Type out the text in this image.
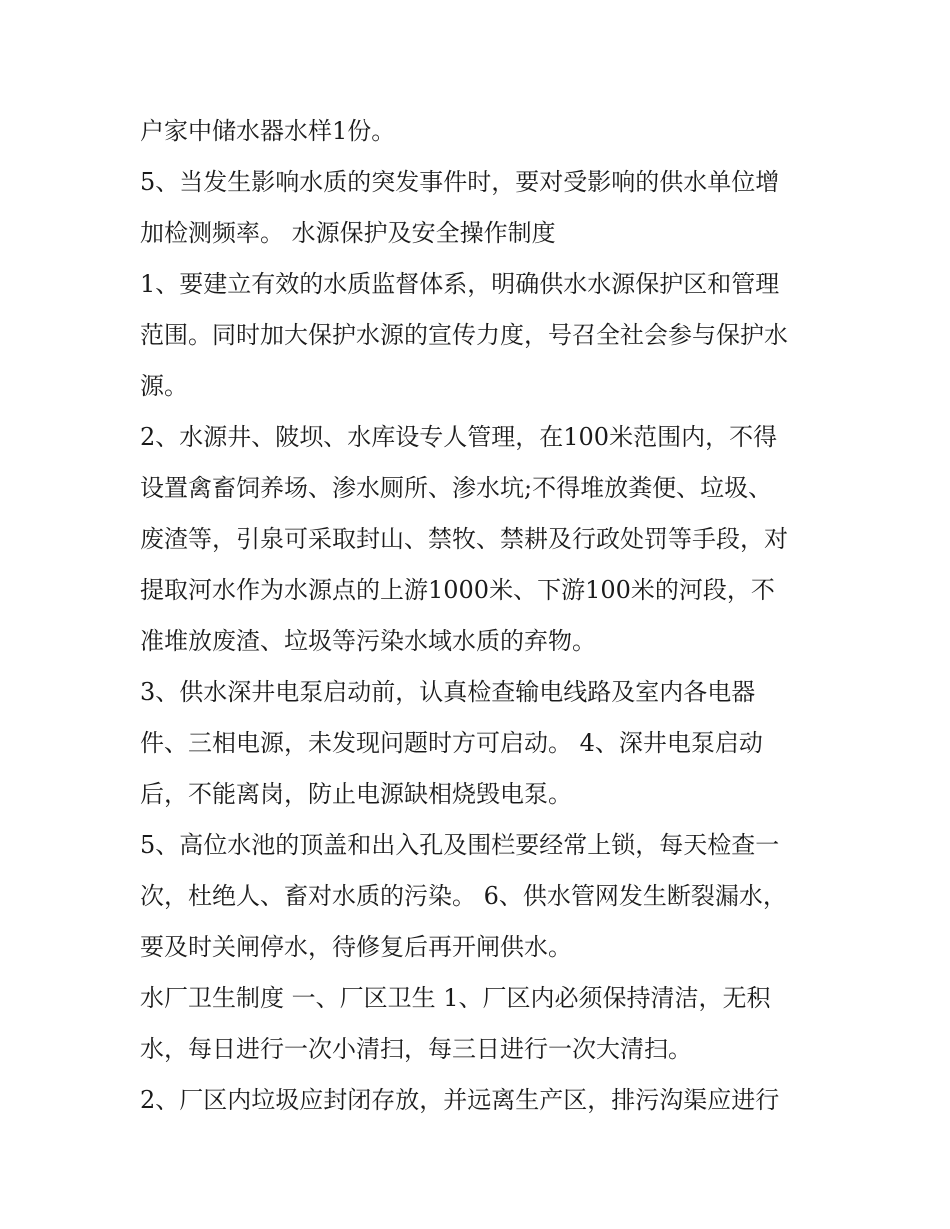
户家中储水器水样1份。
5、当发生影响水质的突发事件时，要对受影响的供水单位增
加检测频率。 水源保护及安全操作制度
1、要建立有效的水质监督体系，明确供水水源保护区和管理
范围。同时加大保护水源的宣传力度，号召全社会参与保护水
源。
2、水源井、陂坝、水库设专人管理，在100米范围内，不得
设置禽畜饲养场、渗水厕所、渗水坑;不得堆放粪便、垃圾、
废渣等，引泉可采取封山、禁牧、禁耕及行政处罚等手段，对
提取河水作为水源点的上游1000米、下游100米的河段，不
准堆放废渣、垃圾等污染水域水质的弃物。
3、供水深井电泵启动前，认真检查输电线路及室内各电器
件、三相电源，未发现问题时方可启动。 4、深井电泵启动
后，不能离岗，防止电源缺相烧毁电泵。
5、高位水池的顶盖和出入孔及围栏要经常上锁，每天检查一
次，杜绝人、畜对水质的污染。 6、供水管网发生断裂漏水，
要及时关闸停水，待修复后再开闸供水。
水厂卫生制度 一、厂区卫生 1、厂区内必须保持清洁，无积
水，每日进行一次小清扫，每三日进行一次大清扫。
2、厂区内垃圾应封闭存放，并远离生产区，排污沟渠应进行
